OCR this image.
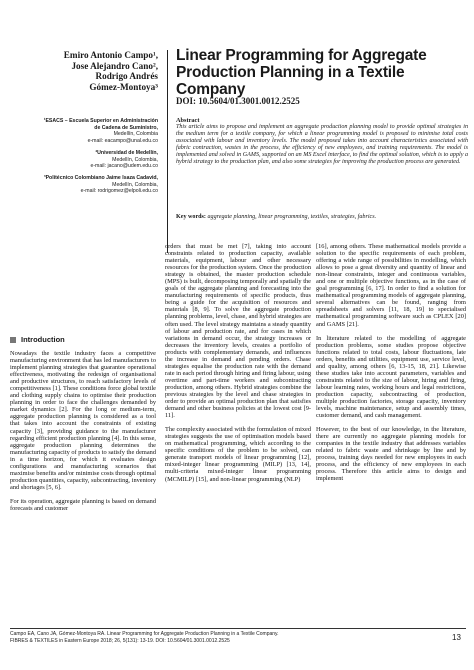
Emiro Antonio Campo¹,
Jose Alejandro Cano²,
Rodrigo Andrés
Gómez-Montoya³
¹ESACS – Escuela Superior en Administración
de Cadena de Suministro,
Medellín, Colombia
e-mail: eacampo@unal.edu.co
²Universidad de Medellín,
Medellín, Colombia,
e-mail: jacano@udem.edu.co
³Politécnico Colombiano Jaime Isaza Cadavid,
Medellín, Colombia,
e-mail: rodrigomez@elpoli.edu.co
Linear Programming for Aggregate Production Planning in a Textile Company
DOI: 10.5604/01.3001.0012.2525
Abstract

This article aims to propose and implement an aggregate production planning model to provide optimal strategies in the medium term for a textile company, for which a linear programming model is proposed to minimise total costs associated with labour and inventory levels. The model proposed takes into account characteristics associated with fabric contraction, wastes in the process, the efficiency of new employees, and training requirements. The model is implemented and solved in GAMS, supported on an MS Excel interface, to find the optimal solution, which is to apply a hybrid strategy to the production plan, and also some strategies for improving the production process are generated.

Key words: aggregate planning, linear programming, textiles, strategies, fabrics.
Introduction

Nowadays the textile industry faces a competitive manufacturing environment that has led manufacturers to implement planning strategies that guarantee operational effectiveness, motivating the redesign of organisational and productive structures, to reach satisfactory levels of competitiveness [1]. These conditions force global textile and clothing supply chains to optimise their production planning in order to face the challenges demanded by market dynamics [2]. For the long or medium-term, aggregate production planning is considered as a tool that takes into account the constraints of existing capacity [3], providing guidance to the manufacturer regarding efficient production planning [4]. In this sense, aggregate production planning determines the manufacturing capacity of products to satisfy the demand in a time horizon, for which it evaluates design configurations and manufacturing scenarios that maximise benefits and/or minimise costs through optimal production quantities, capacity, subcontracting, inventory and shortages [5, 6].

For its operation, aggregate planning is based on demand forecasts and customer

orders that must be met [7], taking into account constraints related to production capacity, available materials, equipment, labour and other necessary resources for the production system. Once the production strategy is obtained, the master production schedule (MPS) is built, decomposing temporally and spatially the goals of the aggregate planning and forecasting into the manufacturing requirements of specific products, thus being a guide for the acquisition of resources and materials [8, 9]. To solve the aggregate production planning problems, level, chase, and hybrid strategies are often used. The level strategy maintains a steady quantity of labour and production rate, and for cases in which variations in demand occur, the strategy increases or decreases the inventory levels, creates a portfolio of products with complementary demands, and influences the increase in demand and pending orders. Chase strategies equalise the production rate with the demand rate in each period through hiring and firing labour, using overtime and part-time workers and subcontracting production, among others. Hybrid strategies combine the previous strategies by the level and chase strategies in order to provide an optimal production plan that satisfies demand and other business policies at the lowest cost [9-11].

The complexity associated with the formulation of mixed strategies suggests the use of optimisation models based on mathematical programming, which according to the specific conditions of the problem to be solved, can generate transport models of linear programming [12], mixed-integer linear programming (MILP) [13, 14], multi-criteria mixed-integer linear programming (MCMILP) [15], and non-linear programming (NLP)

[16], among others. These mathematical models provide a solution to the specific requirements of each problem, offering a wide range of possibilities in modelling, which allows to pose a great diversity and quantity of linear and non-linear constraints, integer and continuous variables, and one or multiple objective functions, as in the case of goal programming [6, 17]. In order to find a solution for mathematical programming models of aggregate planning, several alternatives can be found, ranging from spreadsheets and solvers [11, 18, 19] to specialised mathematical programming software such as CPLEX [20] and GAMS [21].

In literature related to the modelling of aggregate production problems, some studies propose objective functions related to total costs, labour fluctuations, late orders, benefits and utilities, equipment use, service level, and quality, among others [6, 13-15, 18, 21]. Likewise these studies take into account parameters, variables and constraints related to the size of labour, hiring and firing, labour learning rates, working hours and legal restrictions, production capacity, subcontracting of production, multiple production factories, storage capacity, inventory levels, machine maintenance, setup and assembly times, customer demand, and cash management.

However, to the best of our knowledge, in the literature, there are currently no aggregate planning models for companies in the textile industry that addresses variables related to fabric waste and shrinkage by line and by process, training days needed for new employees in each process, and the efficiency of new employees in each process. Therefore this article aims to design and implement

Campo EA, Cano JA, Gómez-Montoya RA. Linear Programming for Aggregate Production Planning in a Textile Company.
FIBRES & TEXTILES in Eastern Europe 2018; 26, 5(131): 13-19. DOI: 10.5604/01.3001.0012.2525	13
